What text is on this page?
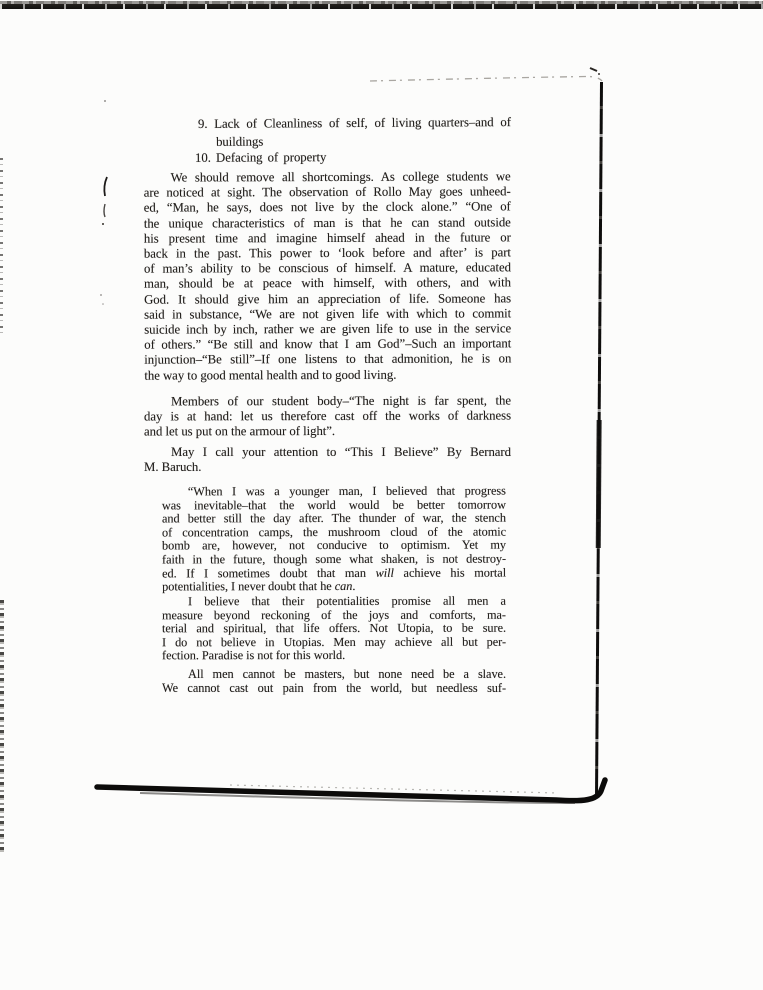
9. Lack of Cleanliness of self, of living quarters–and of
buildings
10. Defacing of property
We should remove all shortcomings. As college students we
are noticed at sight. The observation of Rollo May goes unheed-
ed, “Man, he says, does not live by the clock alone.” “One of
the unique characteristics of man is that he can stand outside
his present time and imagine himself ahead in the future or
back in the past. This power to ‘look before and after’ is part
of man’s ability to be conscious of himself. A mature, educated
man, should be at peace with himself, with others, and with
God. It should give him an appreciation of life. Someone has
said in substance, “We are not given life with which to commit
suicide inch by inch, rather we are given life to use in the service
of others.” “Be still and know that I am God”–Such an important
injunction–“Be still”–If one listens to that admonition, he is on
the way to good mental health and to good living.
Members of our student body–“The night is far spent, the
day is at hand: let us therefore cast off the works of darkness
and let us put on the armour of light”.
May I call your attention to “This I Believe” By Bernard
M. Baruch.
“When I was a younger man, I believed that progress
was inevitable–that the world would be better tomorrow
and better still the day after. The thunder of war, the stench
of concentration camps, the mushroom cloud of the atomic
bomb are, however, not conducive to optimism. Yet my
faith in the future, though some what shaken, is not destroy-
ed. If I sometimes doubt that man will achieve his mortal
potentialities, I never doubt that he can.
I believe that their potentialities promise all men a
measure beyond reckoning of the joys and comforts, ma-
terial and spiritual, that life offers. Not Utopia, to be sure.
I do not believe in Utopias. Men may achieve all but per-
fection. Paradise is not for this world.
All men cannot be masters, but none need be a slave.
We cannot cast out pain from the world, but needless suf-
